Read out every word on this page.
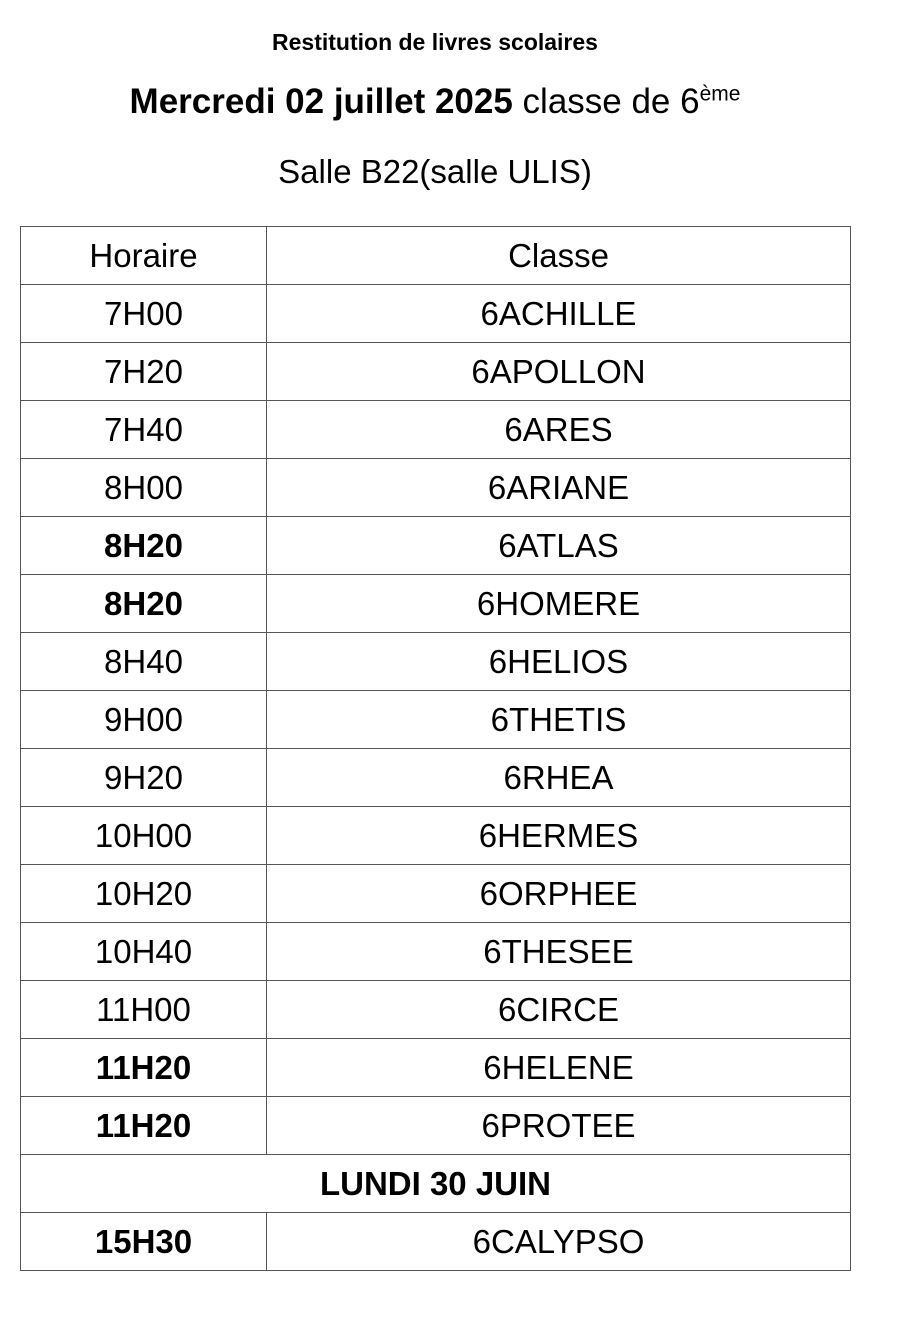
Restitution de livres scolaires
Mercredi 02 juillet 2025 classe de 6ème
Salle B22(salle ULIS)
Horaire	Classe
7H00	6ACHILLE
7H20	6APOLLON
7H40	6ARES
8H00	6ARIANE
8H20	6ATLAS
8H20	6HOMERE
8H40	6HELIOS
9H00	6THETIS
9H20	6RHEA
10H00	6HERMES
10H20	6ORPHEE
10H40	6THESEE
11H00	6CIRCE
11H20	6HELENE
11H20	6PROTEE
LUNDI 30 JUIN	
15H30	6CALYPSO
